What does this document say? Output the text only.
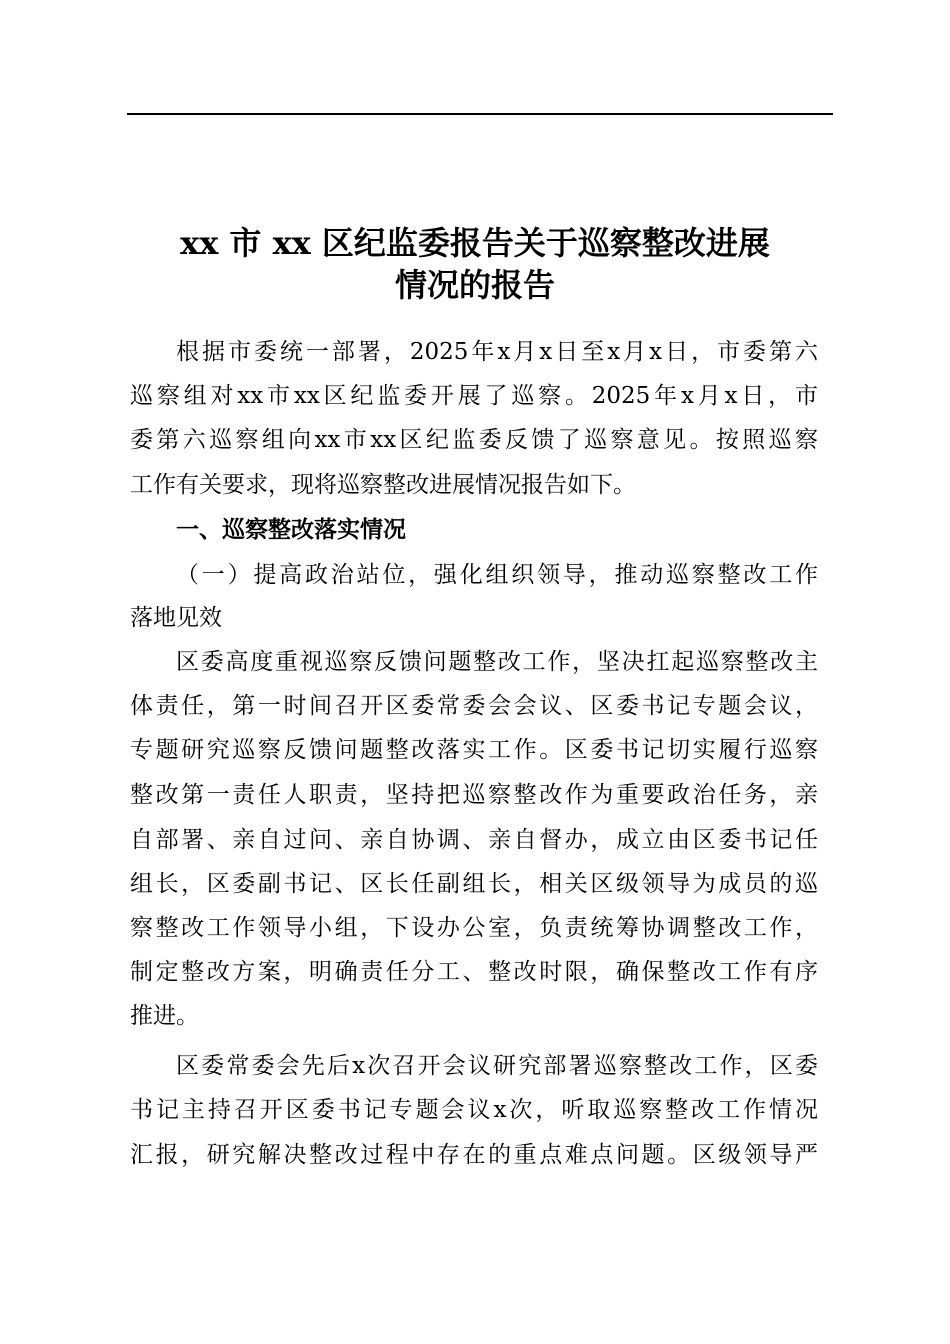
xx 市 xx 区纪监委报告关于巡察整改进展
情况的报告
根据市委统一部署，2025年x月x日至x月x日，市委第六
巡察组对xx市xx区纪监委开展了巡察。2025年x月x日，市
委第六巡察组向xx市xx区纪监委反馈了巡察意见。按照巡察
工作有关要求，现将巡察整改进展情况报告如下。
一、巡察整改落实情况
（一）提高政治站位，强化组织领导，推动巡察整改工作
落地见效
区委高度重视巡察反馈问题整改工作，坚决扛起巡察整改主
体责任，第一时间召开区委常委会会议、区委书记专题会议，
专题研究巡察反馈问题整改落实工作。区委书记切实履行巡察
整改第一责任人职责，坚持把巡察整改作为重要政治任务，亲
自部署、亲自过问、亲自协调、亲自督办，成立由区委书记任
组长，区委副书记、区长任副组长，相关区级领导为成员的巡
察整改工作领导小组，下设办公室，负责统筹协调整改工作，
制定整改方案，明确责任分工、整改时限，确保整改工作有序
推进。
区委常委会先后x次召开会议研究部署巡察整改工作，区委
书记主持召开区委书记专题会议x次，听取巡察整改工作情况
汇报，研究解决整改过程中存在的重点难点问题。区级领导严
